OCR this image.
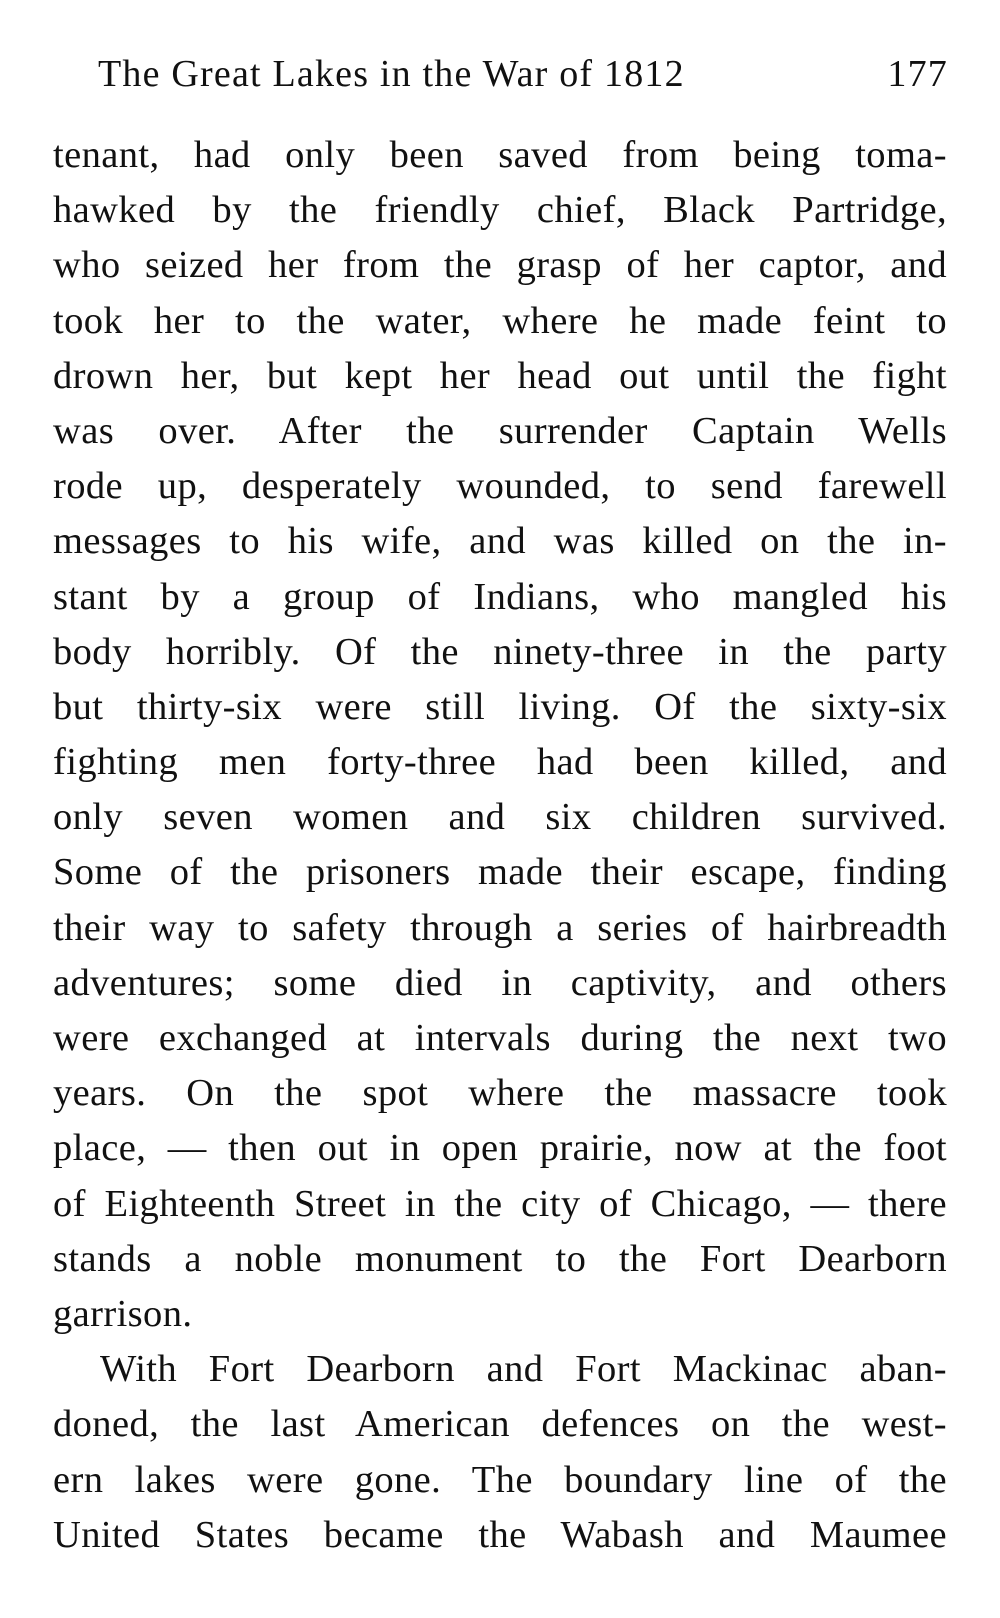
The Great Lakes in the War of 1812	177
tenant, had only been saved from being toma-
hawked by the friendly chief, Black Partridge,
who seized her from the grasp of her captor, and
took her to the water, where he made feint to
drown her, but kept her head out until the fight
was over. After the surrender Captain Wells
rode up, desperately wounded, to send farewell
messages to his wife, and was killed on the in-
stant by a group of Indians, who mangled his
body horribly. Of the ninety-three in the party
but thirty-six were still living. Of the sixty-six
fighting men forty-three had been killed, and
only seven women and six children survived.
Some of the prisoners made their escape, finding
their way to safety through a series of hairbreadth
adventures; some died in captivity, and others
were exchanged at intervals during the next two
years. On the spot where the massacre took
place, — then out in open prairie, now at the foot
of Eighteenth Street in the city of Chicago, — there
stands a noble monument to the Fort Dearborn
garrison.
With Fort Dearborn and Fort Mackinac aban-
doned, the last American defences on the west-
ern lakes were gone. The boundary line of the
United States became the Wabash and Maumee
